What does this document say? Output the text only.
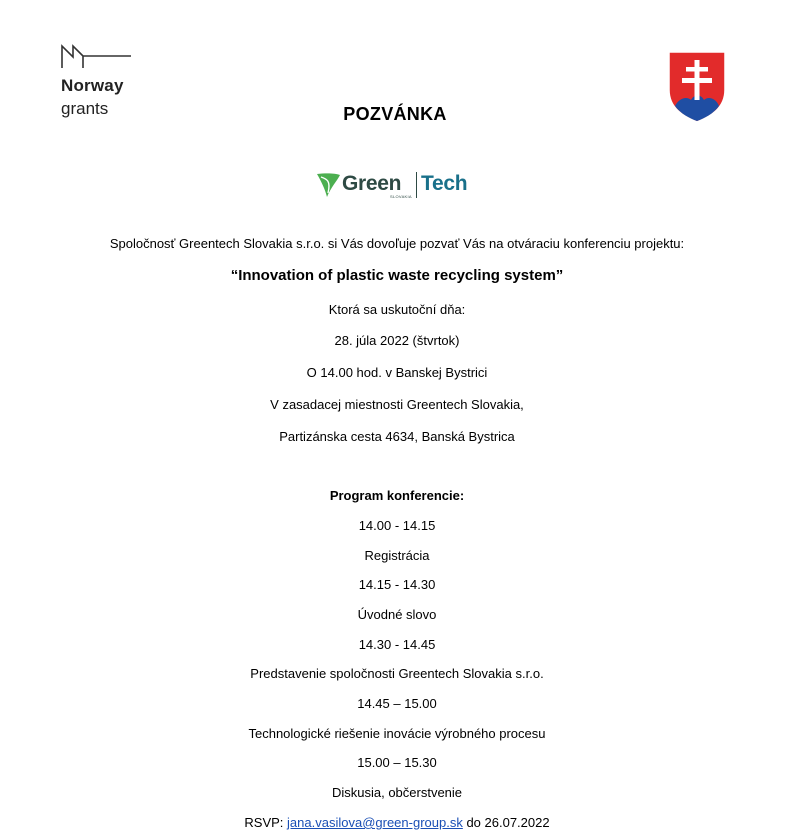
Norway
grants	POZVÁNKA
Green Tech
SLOVAKIA
Spoločnosť Greentech Slovakia s.r.o. si Vás dovoľuje pozvať Vás na otváraciu konferenciu projektu:
“Innovation of plastic waste recycling system”
Ktorá sa uskutoční dňa:
28. júla 2022 (štvrtok)
O 14.00 hod. v Banskej Bystrici
V zasadacej miestnosti Greentech Slovakia,
Partizánska cesta 4634, Banská Bystrica
Program konferencie:
14.00 - 14.15
Registrácia
14.15 - 14.30
Úvodné slovo
14.30 - 14.45
Predstavenie spoločnosti Greentech Slovakia s.r.o.
14.45 – 15.00
Technologické riešenie inovácie výrobného procesu
15.00 – 15.30
Diskusia, občerstvenie
RSVP: jana.vasilova@green-group.sk do 26.07.2022
